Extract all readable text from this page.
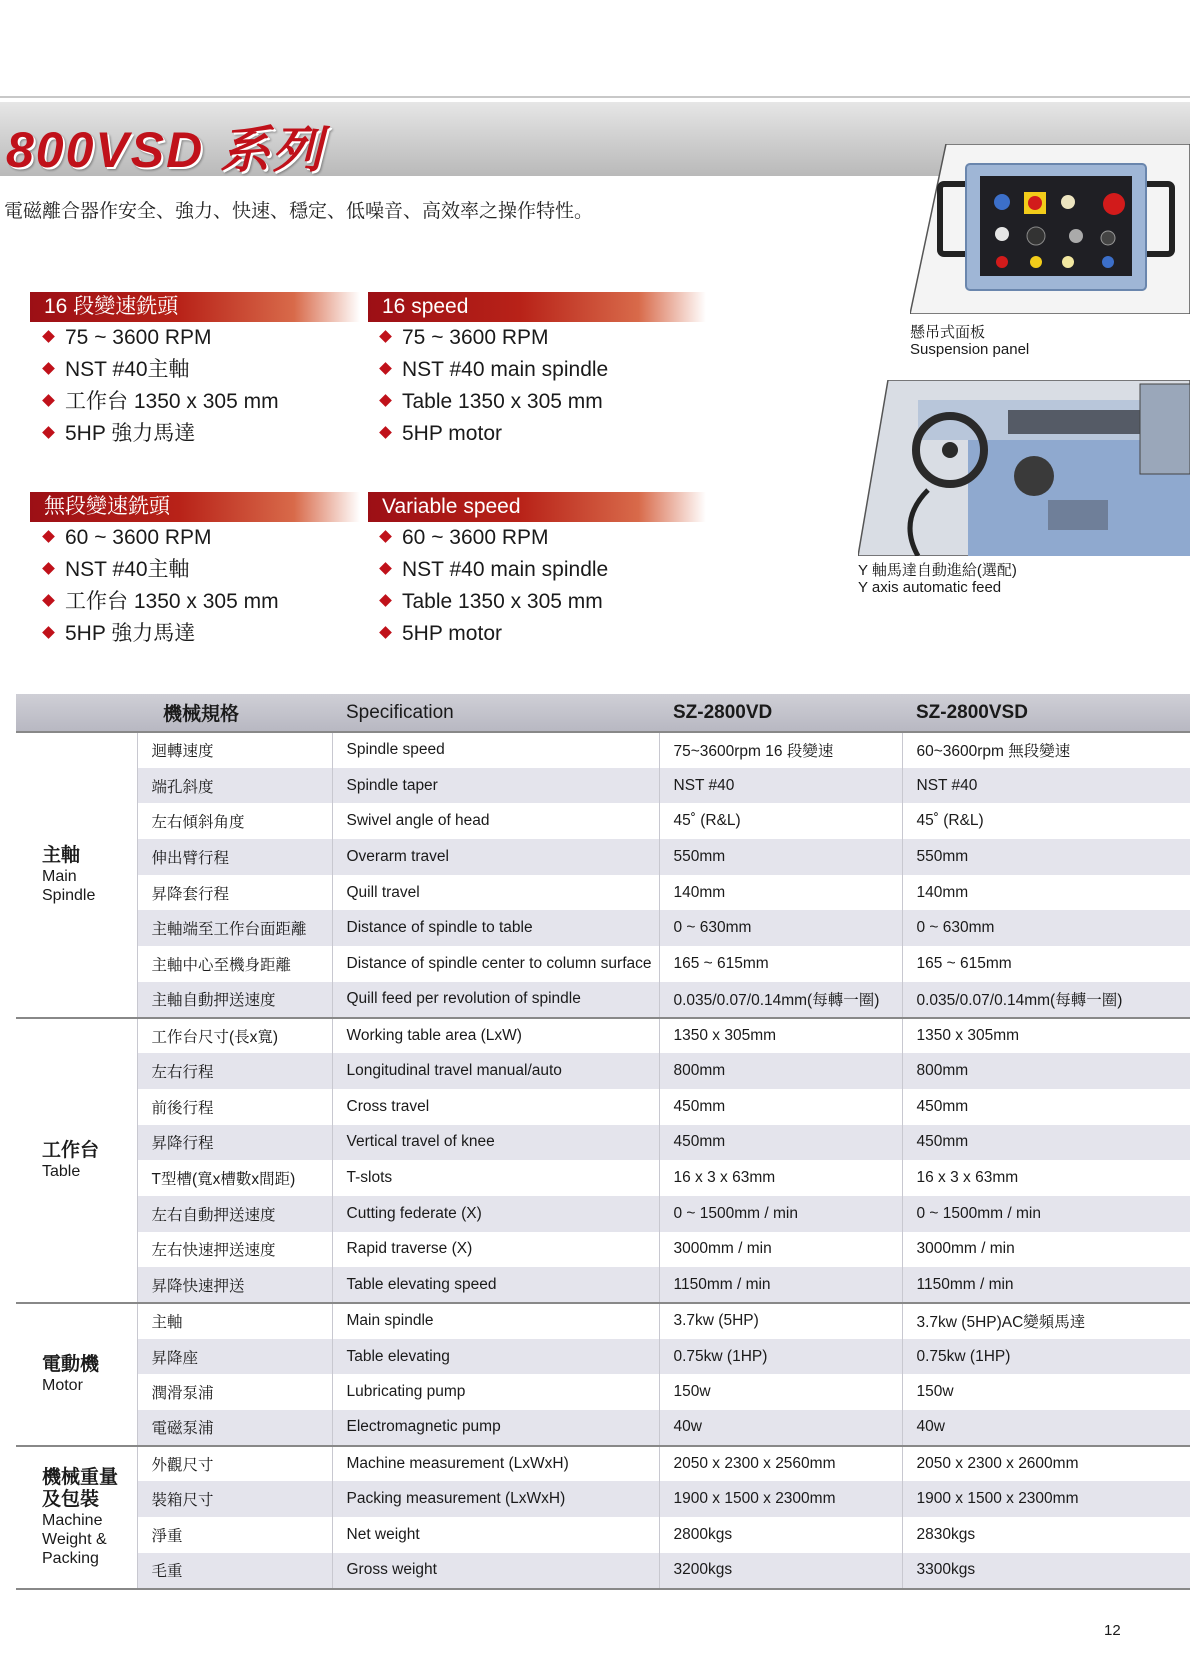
800VSD 系列
電磁離合器作安全、強力、快速、穩定、低噪音、高效率之操作特性。
16 段變速銑頭	16 speed
75 ~ 3600 RPM
NST #40主軸
工作台 1350 x 305 mm
5HP 強力馬達
75 ~ 3600 RPM
NST #40 main spindle
Table 1350 x 305 mm
5HP motor
無段變速銑頭	Variable speed
60 ~ 3600 RPM
NST #40主軸
工作台 1350 x 305 mm
5HP 強力馬達
60 ~ 3600 RPM
NST #40 main spindle
Table 1350 x 305 mm
5HP motor
懸吊式面板
Suspension panel
Y 軸馬達自動進給(選配)
Y axis automatic feed
	機械規格	Specification	SZ-2800VD	SZ-2800VSD

主軸
Main Spindle	迴轉速度	Spindle speed	75~3600rpm 16 段變速	60~3600rpm 無段變速
	端孔斜度	Spindle taper	NST #40	NST #40
	左右傾斜角度	Swivel angle of head	45˚ (R&L)	45˚ (R&L)
	伸出臂行程	Overarm travel	550mm	550mm
	昇降套行程	Quill travel	140mm	140mm
	主軸端至工作台面距離	Distance of spindle to table	0 ~ 630mm	0 ~ 630mm
	主軸中心至機身距離	Distance of spindle center to column surface	165 ~ 615mm	165 ~ 615mm
	主軸自動押送速度	Quill feed per revolution of spindle	0.035/0.07/0.14mm(每轉一圈)	0.035/0.07/0.14mm(每轉一圈)

工作台
Table	工作台尺寸(長x寬)	Working table area (LxW)	1350 x 305mm	1350 x 305mm
	左右行程	Longitudinal travel manual/auto	800mm	800mm
	前後行程	Cross travel	450mm	450mm
	昇降行程	Vertical travel of knee	450mm	450mm
	T型槽(寬x槽數x間距)	T-slots	16 x 3 x 63mm	16 x 3 x 63mm
	左右自動押送速度	Cutting federate (X)	0 ~ 1500mm / min	0 ~ 1500mm / min
	左右快速押送速度	Rapid traverse (X)	3000mm / min	3000mm / min
	昇降快速押送	Table elevating speed	1150mm / min	1150mm / min

電動機
Motor	主軸	Main spindle	3.7kw (5HP)	3.7kw (5HP)AC變頻馬達
	昇降座	Table elevating	0.75kw (1HP)	0.75kw (1HP)
	潤滑泵浦	Lubricating pump	150w	150w
	電磁泵浦	Electromagnetic pump	40w	40w

機械重量
及包裝
Machine Weight & Packing	外觀尺寸	Machine measurement (LxWxH)	2050 x 2300 x 2560mm	2050 x 2300 x 2600mm
	裝箱尺寸	Packing measurement (LxWxH)	1900 x 1500 x 2300mm	1900 x 1500 x 2300mm
	淨重	Net weight	2800kgs	2830kgs
	毛重	Gross weight	3200kgs	3300kgs
12
